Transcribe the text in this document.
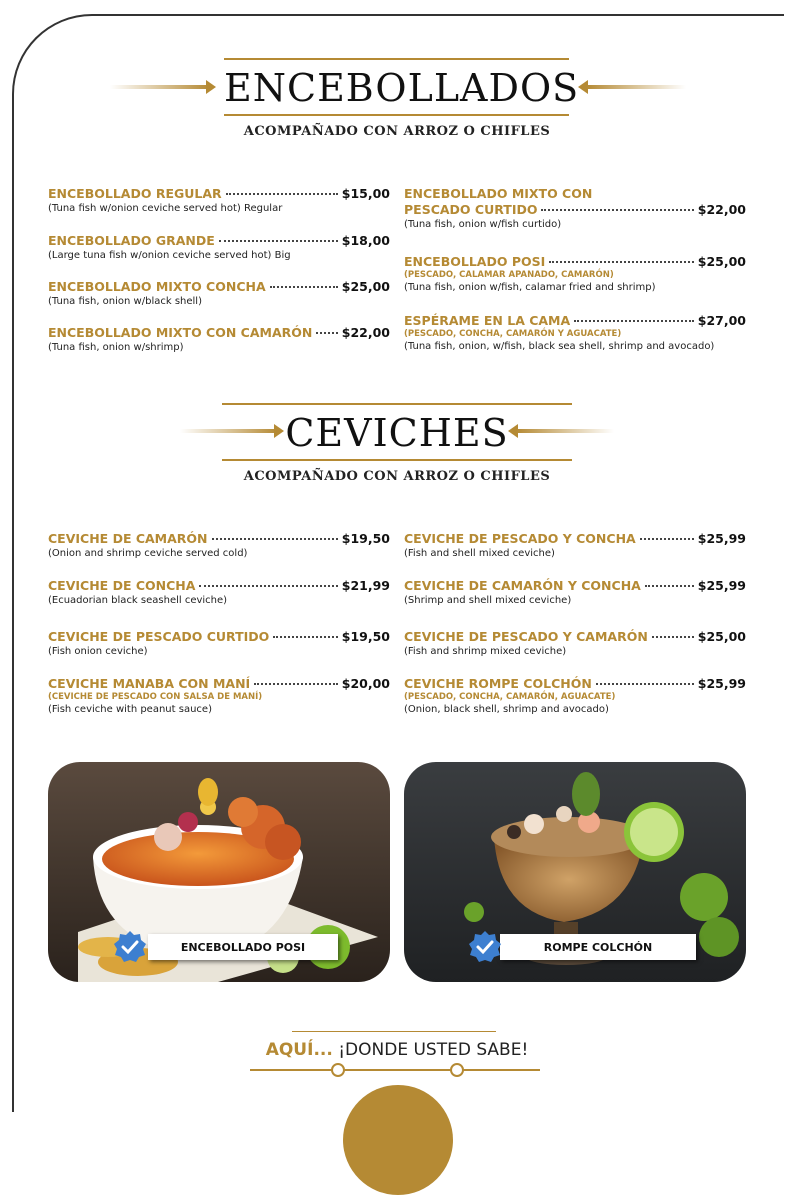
ENCEBOLLADOS
ACOMPAÑADO CON ARROZ O CHIFLES
ENCEBOLLADO REGULAR	$15,00
(Tuna fish w/onion ceviche served hot) Regular
ENCEBOLLADO GRANDE	$18,00
(Large tuna fish w/onion ceviche served hot) Big
ENCEBOLLADO MIXTO CONCHA	$25,00
(Tuna fish, onion w/black shell)
ENCEBOLLADO MIXTO CON CAMARÓN $22,00
(Tuna fish, onion w/shrimp)
ENCEBOLLADO MIXTO CON
PESCADO CURTIDO	$22,00
(Tuna fish, onion w/fish curtido)
ENCEBOLLADO POSI	$25,00
(PESCADO, CALAMAR APANADO, CAMARÓN)
(Tuna fish, onion w/fish, calamar fried and shrimp)
ESPÉRAME EN LA CAMA	$27,00
(PESCADO, CONCHA, CAMARÓN Y AGUACATE)
(Tuna fish, onion, w/fish, black sea shell, shrimp and avocado)
CEVICHES
ACOMPAÑADO CON ARROZ O CHIFLES
CEVICHE DE CAMARÓN	$19,50
(Onion and shrimp ceviche served cold)
CEVICHE DE CONCHA	$21,99
(Ecuadorian black seashell ceviche)
CEVICHE DE PESCADO CURTIDO	$19,50
(Fish onion ceviche)
CEVICHE MANABA CON MANÍ	$20,00
(CEVICHE DE PESCADO CON SALSA DE MANÍ)
(Fish ceviche with peanut sauce)
CEVICHE DE PESCADO Y CONCHA	$25,99
(Fish and shell mixed ceviche)
CEVICHE DE CAMARÓN Y CONCHA	$25,99
(Shrimp and shell mixed ceviche)
CEVICHE DE PESCADO Y CAMARÓN	$25,00
(Fish and shrimp mixed ceviche)
CEVICHE ROMPE COLCHÓN	$25,99
(PESCADO, CONCHA, CAMARÓN, AGUACATE)
(Onion, black shell, shrimp and avocado)
ENCEBOLLADO POSI	ROMPE COLCHÓN
AQUÍ... ¡DONDE USTED SABE!
